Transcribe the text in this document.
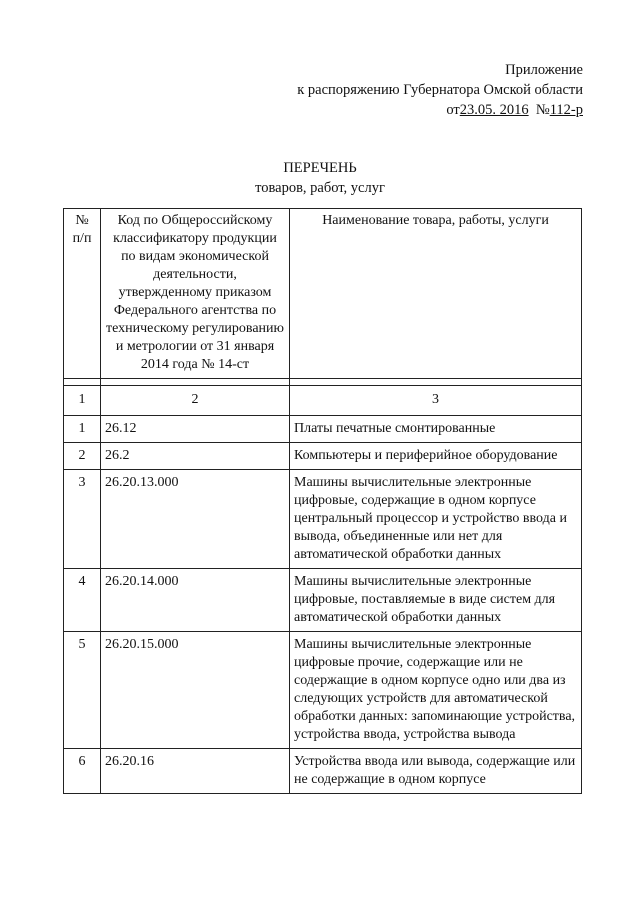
Приложение
к распоряжению Губернатора Омской области
от23.05. 2016 №112-р
ПЕРЕЧЕНЬ
товаров, работ, услуг
№ п/п	Код по Общероссийскому классификатору продукции по видам экономической деятельности, утвержденному приказом Федерального агентства по техническому регулированию и метрологии от 31 января 2014 года № 14-ст	Наименование товара, работы, услуги

1	2	3
1	26.12	Платы печатные смонтированные
2	26.2	Компьютеры и периферийное оборудование
3	26.20.13.000	Машины вычислительные электронные цифровые, содержащие в одном корпусе центральный процессор и устройство ввода и вывода, объединенные или нет для автоматической обработки данных
4	26.20.14.000	Машины вычислительные электронные цифровые, поставляемые в виде систем для автоматической обработки данных
5	26.20.15.000	Машины вычислительные электронные цифровые прочие, содержащие или не содержащие в одном корпусе одно или два из следующих устройств для автоматической обработки данных: запоминающие устройства, устройства ввода, устройства вывода
6	26.20.16	Устройства ввода или вывода, содержащие или не содержащие в одном корпусе
